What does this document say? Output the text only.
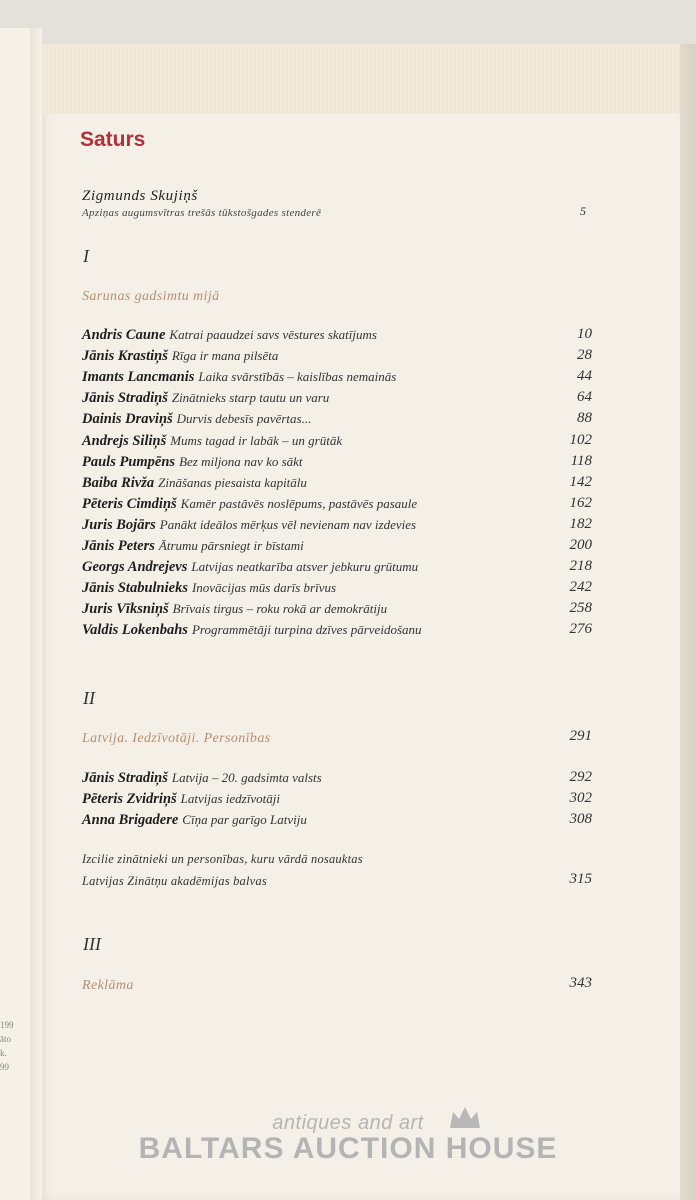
199
āto
k.
99
Saturs
Zigmunds Skujiņš
Apziņas augumsvītras trešās tūkstošgades stenderē	5
I
Sarunas gadsimtu mijā
Andris Caune Katrai paaudzei savs vēstures skatījums	10
Jānis Krastiņš Rīga ir mana pilsēta	28
Imants Lancmanis Laika svārstībās – kaislības nemainās	44
Jānis Stradiņš Zinātnieks starp tautu un varu	64
Dainis Draviņš Durvis debesīs pavērtas...	88
Andrejs Siliņš Mums tagad ir labāk – un grūtāk	102
Pauls Pumpēns Bez miljona nav ko sākt	118
Baiba Rivža Zināšanas piesaista kapitālu	142
Pēteris Cimdiņš Kamēr pastāvēs noslēpums, pastāvēs pasaule	162
Juris Bojārs Panākt ideālos mērķus vēl nevienam nav izdevies	182
Jānis Peters Ātrumu pārsniegt ir bīstami	200
Georgs Andrejevs Latvijas neatkarība atsver jebkuru grūtumu	218
Jānis Stabulnieks Inovācijas mūs darīs brīvus	242
Juris Vīksniņš Brīvais tirgus – roku rokā ar demokrātiju	258
Valdis Lokenbahs Programmētāji turpina dzīves pārveidošanu	276
II
Latvija. Iedzīvotāji. Personības	291
Jānis Stradiņš Latvija – 20. gadsimta valsts	292
Pēteris Zvidriņš Latvijas iedzīvotāji	302
Anna Brigadere Cīņa par garīgo Latviju	308
Izcilie zinātnieki un personības, kuru vārdā nosauktas
Latvijas Zinātņu akadēmijas balvas	315
III
Reklāma	343
antiques and art
BALTARS AUCTION HOUSE
